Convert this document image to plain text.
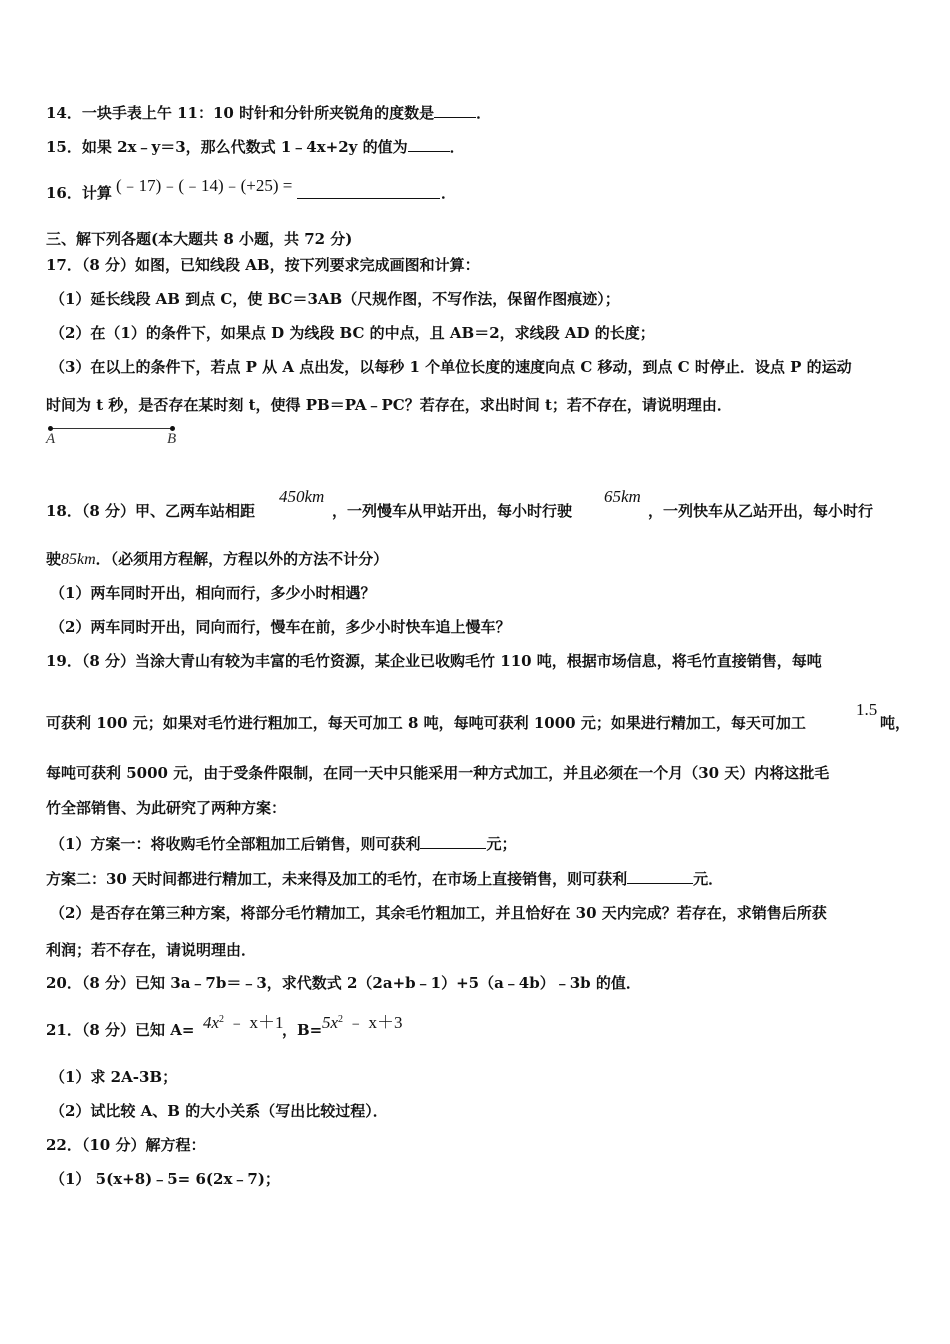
14．一块手表上午 11：10 时针和分针所夹锐角的度数是	．
15．如果 2x﹣y＝3，那么代数式 1﹣4x+2y 的值为	．
16．计算 (﹣17)﹣(﹣14)﹣(+25) =	．
三、解下列各题(本大题共 8 小题，共 72 分)
17．（8 分）如图，已知线段 AB，按下列要求完成画图和计算：
（1）延长线段 AB 到点 C，使 BC＝3AB（尺规作图，不写作法，保留作图痕迹）；
（2）在（1）的条件下，如果点 D 为线段 BC 的中点，且 AB＝2，求线段 AD 的长度；
（3）在以上的条件下，若点 P 从 A 点出发，以每秒 1 个单位长度的速度向点 C 移动，到点 C 时停止．设点 P 的运动
时间为 t 秒，是否存在某时刻 t，使得 PB＝PA﹣PC？若存在，求出时间 t；若不存在，请说明理由．
A	B
18．（8 分）甲、乙两车站相距
450km
，一列慢车从甲站开出，每小时行驶
65km
，一列快车从乙站开出，每小时行
驶85km．（必须用方程解，方程以外的方法不计分）
（1）两车同时开出，相向而行，多少小时相遇？
（2）两车同时开出，同向而行，慢车在前，多少小时快车追上慢车？
19．（8 分）当涂大青山有较为丰富的毛竹资源，某企业已收购毛竹 110 吨，根据市场信息，将毛竹直接销售，每吨
可获利 100 元；如果对毛竹进行粗加工，每天可加工 8 吨，每吨可获利 1000 元；如果进行精加工，每天可加工
1.5
吨，
每吨可获利 5000 元，由于受条件限制，在同一天中只能采用一种方式加工，并且必须在一个月（30 天）内将这批毛
竹全部销售、为此研究了两种方案：
（1）方案一：将收购毛竹全部粗加工后销售，则可获利	元；
方案二：30 天时间都进行精加工，未来得及加工的毛竹，在市场上直接销售，则可获利	元．
（2）是否存在第三种方案，将部分毛竹精加工，其余毛竹粗加工，并且恰好在 30 天内完成？若存在，求销售后所获
利润；若不存在，请说明理由．
20．（8 分）已知 3a﹣7b＝﹣3，求代数式 2（2a+b﹣1）+5（a﹣4b）﹣3b 的值．
21．（8 分）已知 $A= 4x^2$ ﹣ x＋1
，$B= 5x^2$ ﹣ x＋3
（1）求 2A-3B；
（2）试比较 A、B 的大小关系（写出比较过程）．
22．（10 分）解方程：
（1） 5(x+8)﹣5= 6(2x﹣7)；
